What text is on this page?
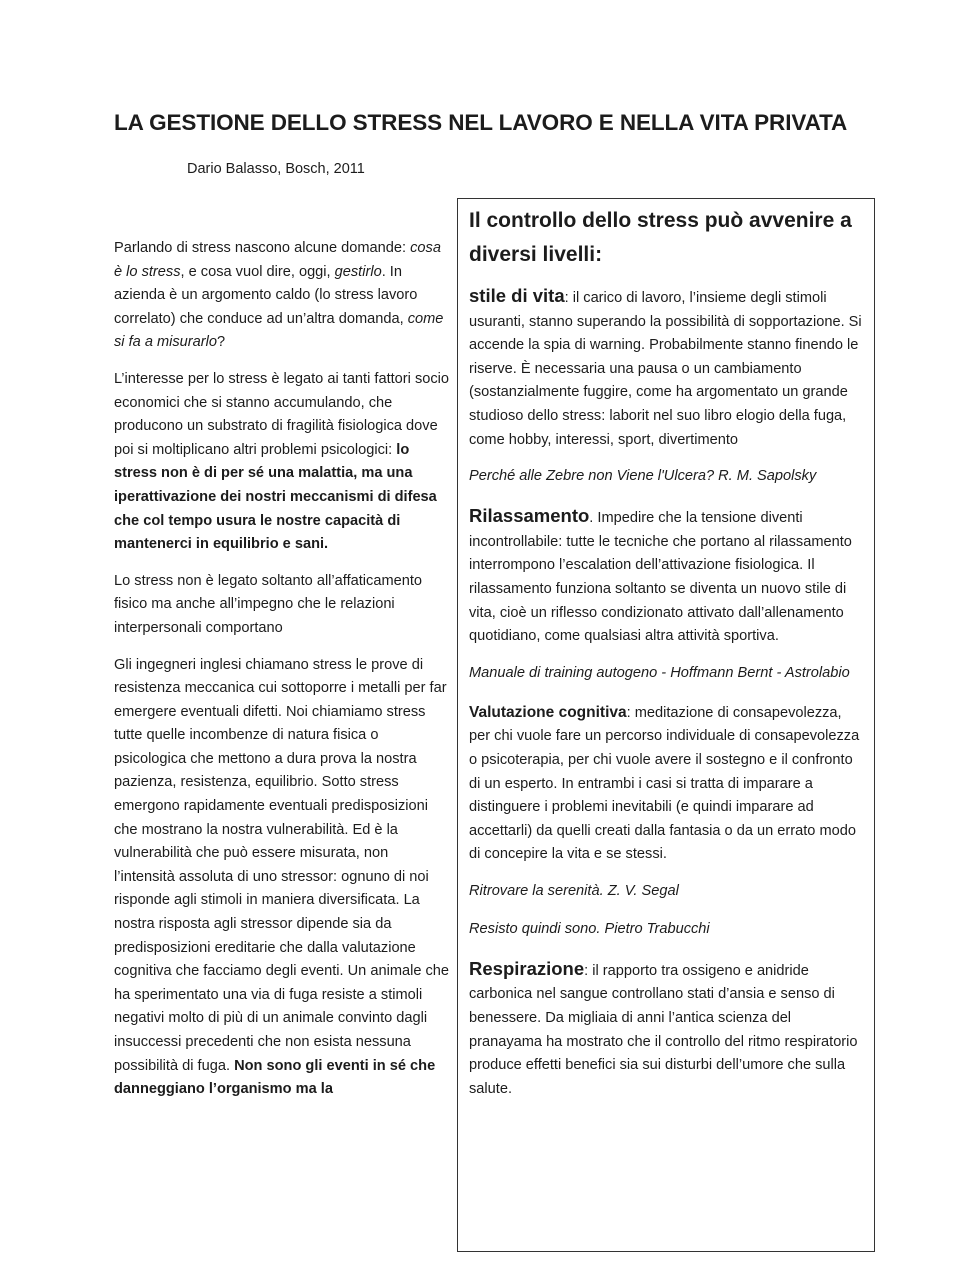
LA GESTIONE DELLO STRESS NEL LAVORO E NELLA VITA PRIVATA
Dario Balasso, Bosch, 2011

Parlando di stress nascono alcune domande: cosa è lo stress, e cosa vuol dire, oggi, gestirlo. In azienda è un argomento caldo (lo stress lavoro correlato) che conduce ad un’altra domanda, come si fa a misurarlo?

L’interesse per lo stress è legato ai tanti fattori socio economici che si stanno accumulando, che producono un substrato di fragilità fisiologica dove poi si moltiplicano altri problemi psicologici: lo stress non è di per sé una malattia, ma una iperattivazione dei nostri meccanismi di difesa che col tempo usura le nostre capacità di mantenerci in equilibrio e sani.

Lo stress non è legato soltanto all’affaticamento fisico ma anche all’impegno che le relazioni interpersonali comportano

Gli ingegneri inglesi chiamano stress le prove di resistenza meccanica cui sottoporre i metalli per far emergere eventuali difetti. Noi chiamiamo stress tutte quelle incombenze di natura fisica o psicologica che mettono a dura prova la nostra pazienza, resistenza, equilibrio. Sotto stress emergono rapidamente eventuali predisposizioni che mostrano la nostra vulnerabilità. Ed è la vulnerabilità che può essere misurata, non l’intensità assoluta di uno stressor: ognuno di noi risponde agli stimoli in maniera diversificata. La nostra risposta agli stressor dipende sia da predisposizioni ereditarie che dalla valutazione cognitiva che facciamo degli eventi. Un animale che ha sperimentato una via di fuga resiste a stimoli negativi molto di più di un animale convinto dagli insuccessi precedenti che non esista nessuna possibilità di fuga. Non sono gli eventi in sé che danneggiano l’organismo ma la

Il controllo dello stress può avvenire a diversi livelli:

stile di vita: il carico di lavoro, l’insieme degli stimoli usuranti, stanno superando la possibilità di sopportazione. Si accende la spia di warning. Probabilmente stanno finendo le riserve. È necessaria una pausa o un cambiamento (sostanzialmente fuggire, come ha argomentato un grande studioso dello stress: laborit nel suo libro elogio della fuga, come hobby, interessi, sport, divertimento

Perché alle Zebre non Viene l'Ulcera? R. M. Sapolsky

Rilassamento. Impedire che la tensione diventi incontrollabile: tutte le tecniche che portano al rilassamento interrompono l’escalation dell’attivazione fisiologica. Il rilassamento funziona soltanto se diventa un nuovo stile di vita, cioè un riflesso condizionato attivato dall’allenamento quotidiano, come qualsiasi altra attività sportiva.

Manuale di training autogeno - Hoffmann Bernt - Astrolabio

Valutazione cognitiva: meditazione di consapevolezza, per chi vuole fare un percorso individuale di consapevolezza o psicoterapia, per chi vuole avere il sostegno e il confronto di un esperto. In entrambi i casi si tratta di imparare a distinguere i problemi inevitabili (e quindi imparare ad accettarli) da quelli creati dalla fantasia o da un errato modo di concepire la vita e se stessi.

Ritrovare la serenità. Z. V. Segal

Resisto quindi sono. Pietro Trabucchi

Respirazione: il rapporto tra ossigeno e anidride carbonica nel sangue controllano stati d’ansia e senso di benessere. Da migliaia di anni l’antica scienza del pranayama ha mostrato che il controllo del ritmo respiratorio produce effetti benefici sia sui disturbi dell’umore che sulla salute.
